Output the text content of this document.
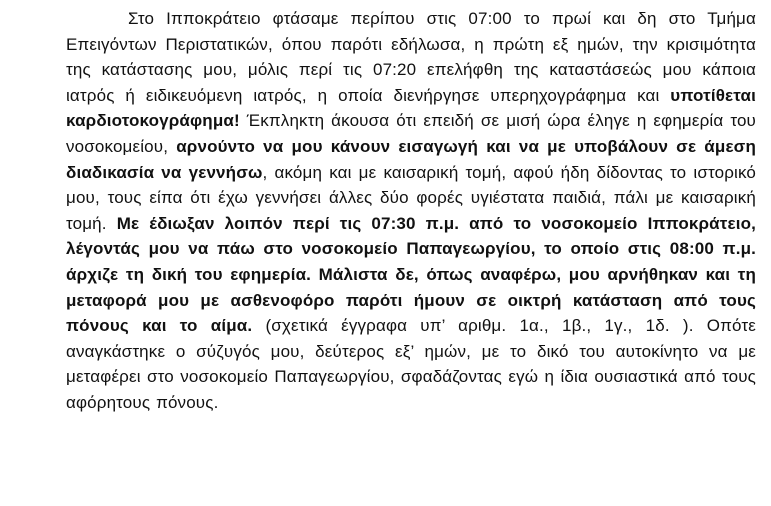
Στο Ιπποκράτειο φτάσαμε περίπου στις 07:00 το πρωί και δη στο Τμήμα Επειγόντων Περιστατικών, όπου παρότι εδήλωσα, η πρώτη εξ ημών, την κρισιμότητα της κατάστασης μου, μόλις περί τις 07:20 επελήφθη της καταστάσεώς μου κάποια ιατρός ή ειδικευόμενη ιατρός, η οποία διενήργησε υπερηχογράφημα και υποτίθεται καρδιοτοκογράφημα! Έκπληκτη άκουσα ότι επειδή σε μισή ώρα έληγε η εφημερία του νοσοκομείου, αρνούντο να μου κάνουν εισαγωγή και να με υποβάλουν σε άμεση διαδικασία να γεννήσω, ακόμη και με καισαρική τομή, αφού ήδη δίδοντας το ιστορικό μου, τους είπα ότι έχω γεννήσει άλλες δύο φορές υγιέστατα παιδιά, πάλι με καισαρική τομή. Με έδιωξαν λοιπόν περί τις 07:30 π.μ. από το νοσοκομείο Ιπποκράτειο, λέγοντάς μου να πάω στο νοσοκομείο Παπαγεωργίου, το οποίο στις 08:00 π.μ. άρχιζε τη δική του εφημερία. Μάλιστα δε, όπως αναφέρω, μου αρνήθηκαν και τη μεταφορά μου με ασθενοφόρο παρότι ήμουν σε οικτρή κατάσταση από τους πόνους και το αίμα. (σχετικά έγγραφα υπ’ αριθμ. 1α., 1β., 1γ., 1δ. ). Οπότε αναγκάστηκε ο σύζυγός μου, δεύτερος εξ’ ημών, με το δικό του αυτοκίνητο να με μεταφέρει στο νοσοκομείο Παπαγεωργίου, σφαδάζοντας εγώ η ίδια ουσιαστικά από τους αφόρητους πόνους.
